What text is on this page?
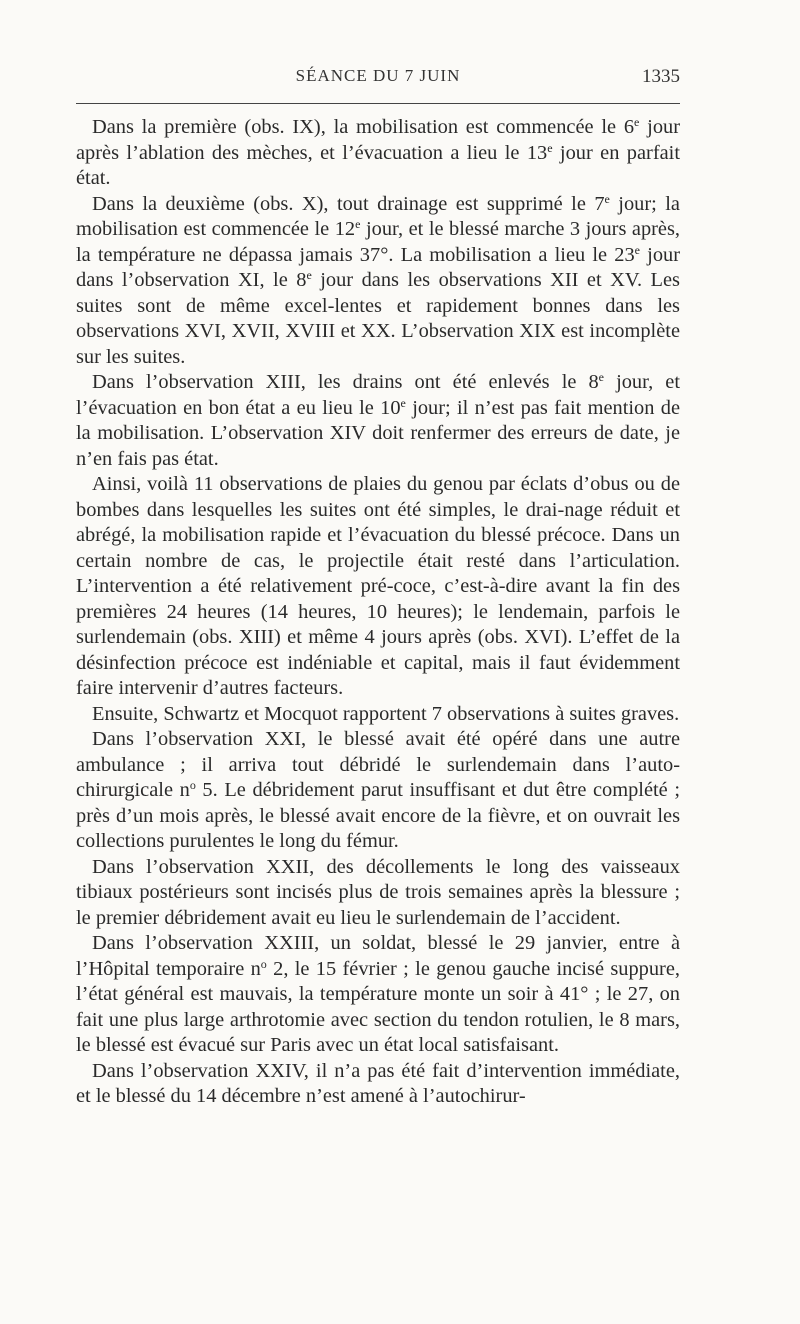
SÉANCE DU 7 JUIN	1335

Dans la première (obs. IX), la mobilisation est commencée le 6e jour après l’ablation des mèches, et l’évacuation a lieu le 13e jour en parfait état.

Dans la deuxième (obs. X), tout drainage est supprimé le 7e jour; la mobilisation est commencée le 12e jour, et le blessé marche 3 jours après, la température ne dépassa jamais 37°. La mobilisation a lieu le 23e jour dans l’observation XI, le 8e jour dans les observations XII et XV. Les suites sont de même excel-lentes et rapidement bonnes dans les observations XVI, XVII, XVIII et XX. L’observation XIX est incomplète sur les suites.

Dans l’observation XIII, les drains ont été enlevés le 8e jour, et l’évacuation en bon état a eu lieu le 10e jour; il n’est pas fait mention de la mobilisation. L’observation XIV doit renfermer des erreurs de date, je n’en fais pas état.

Ainsi, voilà 11 observations de plaies du genou par éclats d’obus ou de bombes dans lesquelles les suites ont été simples, le drai-nage réduit et abrégé, la mobilisation rapide et l’évacuation du blessé précoce. Dans un certain nombre de cas, le projectile était resté dans l’articulation. L’intervention a été relativement pré-coce, c’est-à-dire avant la fin des premières 24 heures (14 heures, 10 heures); le lendemain, parfois le surlendemain (obs. XIII) et même 4 jours après (obs. XVI). L’effet de la désinfection précoce est indéniable et capital, mais il faut évidemment faire intervenir d’autres facteurs.

Ensuite, Schwartz et Mocquot rapportent 7 observations à suites graves.

Dans l’observation XXI, le blessé avait été opéré dans une autre ambulance ; il arriva tout débridé le surlendemain dans l’auto-chirurgicale $n^o$ 5. Le débridement parut insuffisant et dut être complété ; près d’un mois après, le blessé avait encore de la fièvre, et on ouvrait les collections purulentes le long du fémur.

Dans l’observation XXII, des décollements le long des vaisseaux tibiaux postérieurs sont incisés plus de trois semaines après la blessure ; le premier débridement avait eu lieu le surlendemain de l’accident.

Dans l’observation XXIII, un soldat, blessé le 29 janvier, entre à l’Hôpital temporaire $n^o$ 2, le 15 février ; le genou gauche incisé suppure, l’état général est mauvais, la température monte un soir à 41° ; le 27, on fait une plus large arthrotomie avec section du tendon rotulien, le 8 mars, le blessé est évacué sur Paris avec un état local satisfaisant.

Dans l’observation XXIV, il n’a pas été fait d’intervention immédiate, et le blessé du 14 décembre n’est amené à l’autochirur-
